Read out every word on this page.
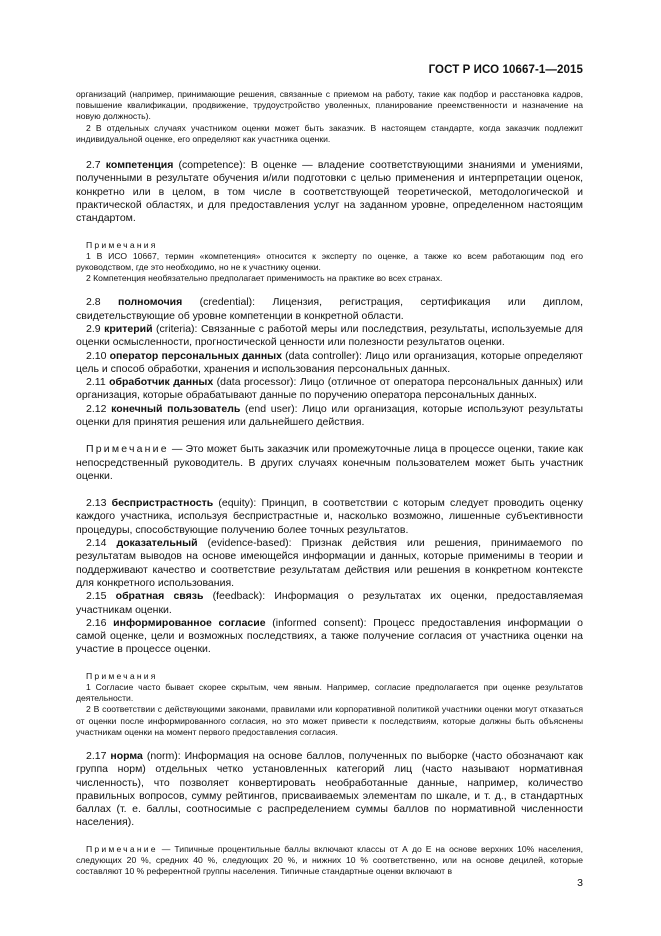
ГОСТ Р ИСО 10667-1—2015

организаций (например, принимающие решения, связанные с приемом на работу, такие как подбор и расстановка кадров, повышение квалификации, продвижение, трудоустройство уволенных, планирование преемственности и назначение на новую должность).

2 В отдельных случаях участником оценки может быть заказчик. В настоящем стандарте, когда заказчик подлежит индивидуальной оценке, его определяют как участника оценки.

2.7 компетенция (competence): В оценке — владение соответствующими знаниями и умениями, полученными в результате обучения и/или подготовки с целью применения и интерпретации оценок, конкретно или в целом, в том числе в соответствующей теоретической, методологической и практической областях, и для предоставления услуг на заданном уровне, определенном настоящим стандартом.

Примечания

1 В ИСО 10667, термин «компетенция» относится к эксперту по оценке, а также ко всем работающим под его руководством, где это необходимо, но не к участнику оценки.

2 Компетенция необязательно предполагает применимость на практике во всех странах.

2.8 полномочия (credential): Лицензия, регистрация, сертификация или диплом, свидетельствующие об уровне компетенции в конкретной области.

2.9 критерий (criteria): Связанные с работой меры или последствия, результаты, используемые для оценки осмысленности, прогностической ценности или полезности результатов оценки.

2.10 оператор персональных данных (data controller): Лицо или организация, которые определяют цель и способ обработки, хранения и использования персональных данных.

2.11 обработчик данных (data processor): Лицо (отличное от оператора персональных данных) или организация, которые обрабатывают данные по поручению оператора персональных данных.

2.12 конечный пользователь (end user): Лицо или организация, которые используют результаты оценки для принятия решения или дальнейшего действия.

Примечание — Это может быть заказчик или промежуточные лица в процессе оценки, такие как непосредственный руководитель. В других случаях конечным пользователем может быть участник оценки.

2.13 беспристрастность (equity): Принцип, в соответствии с которым следует проводить оценку каждого участника, используя беспристрастные и, насколько возможно, лишенные субъективности процедуры, способствующие получению более точных результатов.

2.14 доказательный (evidence-based): Признак действия или решения, принимаемого по результатам выводов на основе имеющейся информации и данных, которые применимы в теории и поддерживают качество и соответствие результатам действия или решения в конкретном контексте для конкретного использования.

2.15 обратная связь (feedback): Информация о результатах их оценки, предоставляемая участникам оценки.

2.16 информированное согласие (informed consent): Процесс предоставления информации о самой оценке, цели и возможных последствиях, а также получение согласия от участника оценки на участие в процессе оценки.

Примечания

1 Согласие часто бывает скорее скрытым, чем явным. Например, согласие предполагается при оценке результатов деятельности.

2 В соответствии с действующими законами, правилами или корпоративной политикой участники оценки могут отказаться от оценки после информированного согласия, но это может привести к последствиям, которые должны быть объяснены участникам оценки на момент первого предоставления согласия.

2.17 норма (norm): Информация на основе баллов, полученных по выборке (часто обозначают как группа норм) отдельных четко установленных категорий лиц (часто называют нормативная численность), что позволяет конвертировать необработанные данные, например, количество правильных вопросов, сумму рейтингов, присваиваемых элементам по шкале, и т. д., в стандартных баллах (т. е. баллы, соотносимые с распределением суммы баллов по нормативной численности населения).

Примечание — Типичные процентильные баллы включают классы от А до Е на основе верхних 10% населения, следующих 20 %, средних 40 %, следующих 20 %, и нижних 10 % соответственно, или на основе децилей, которые составляют 10 % референтной группы населения. Типичные стандартные оценки включают в

3
